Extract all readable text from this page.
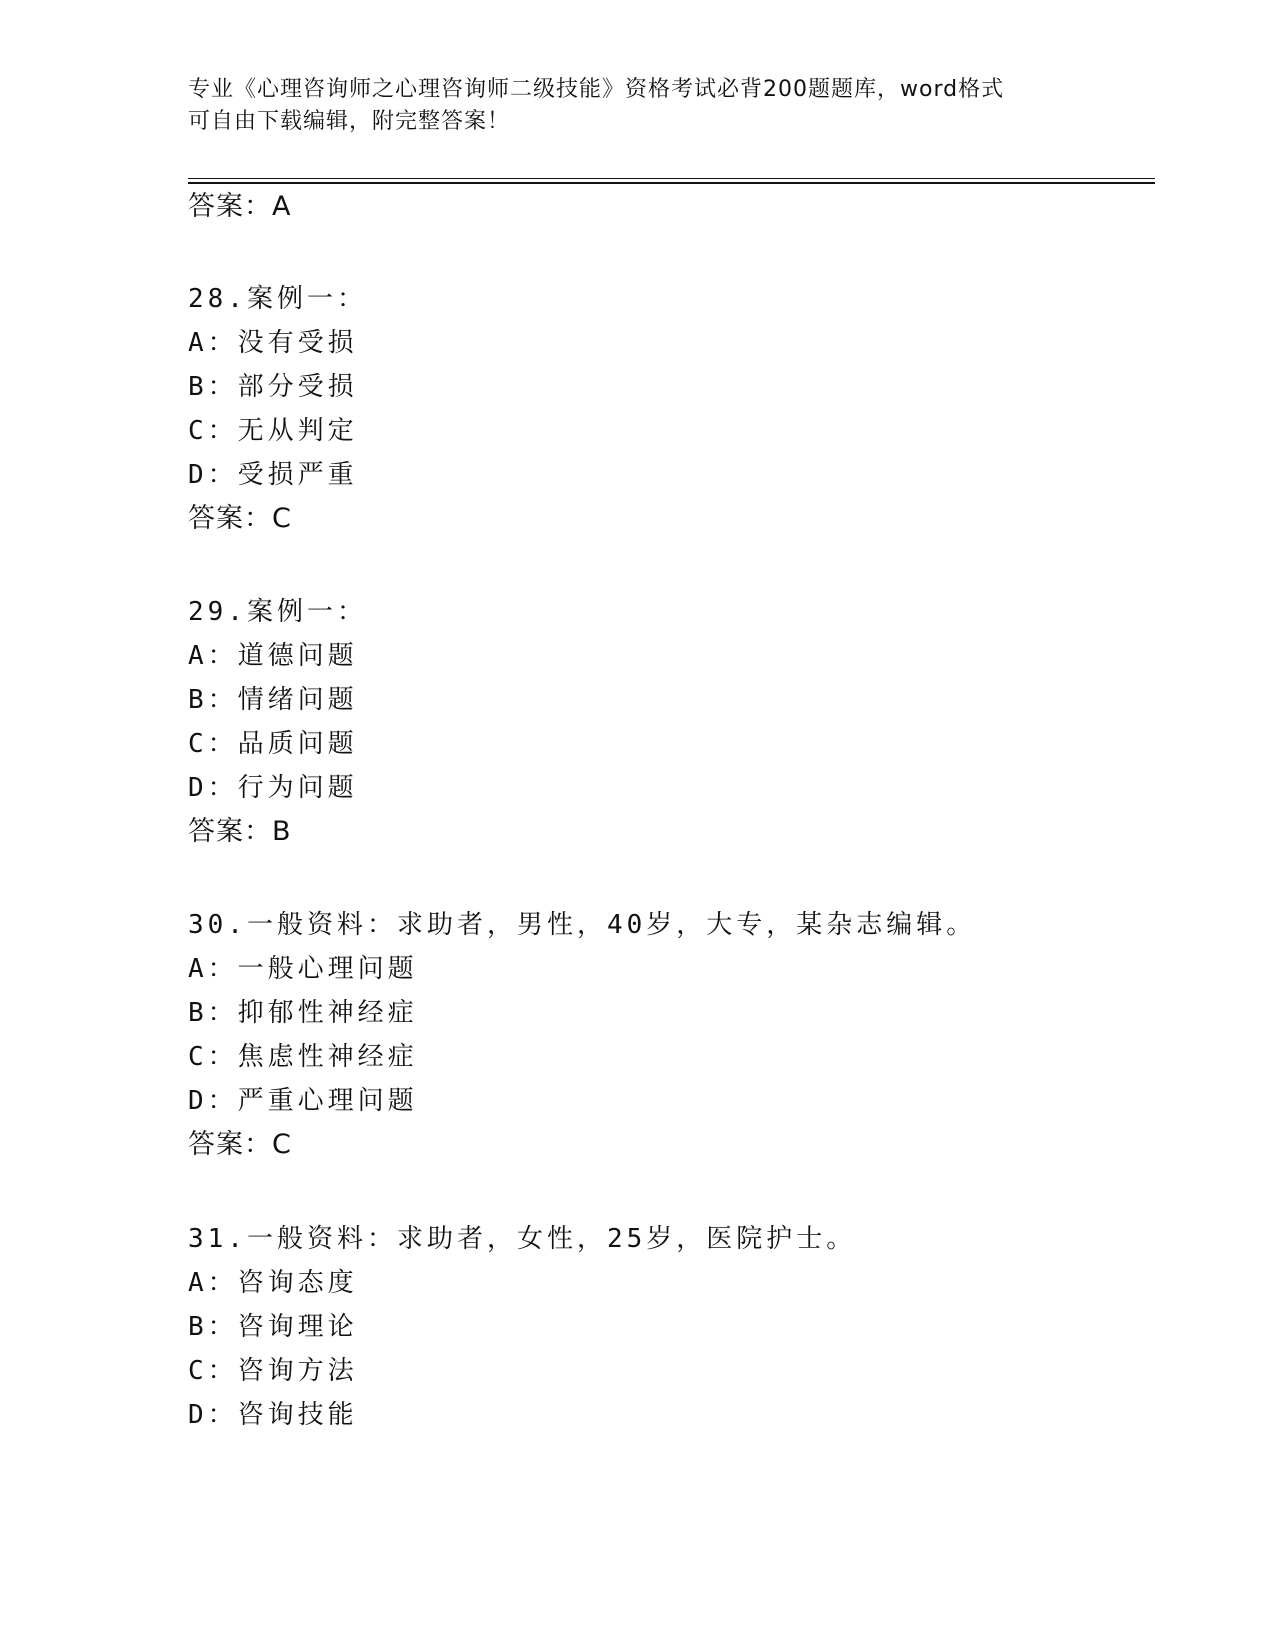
专业《心理咨询师之心理咨询师二级技能》资格考试必背200题题库，word格式
可自由下载编辑，附完整答案！
答案：A
28.案例一：
A：没有受损
B：部分受损
C：无从判定
D：受损严重
答案：C
29.案例一：
A：道德问题
B：情绪问题
C：品质问题
D：行为问题
答案：B
30.一般资料：求助者，男性，40岁，大专，某杂志编辑。
A：一般心理问题
B：抑郁性神经症
C：焦虑性神经症
D：严重心理问题
答案：C
31.一般资料：求助者，女性，25岁，医院护士。
A：咨询态度
B：咨询理论
C：咨询方法
D：咨询技能
